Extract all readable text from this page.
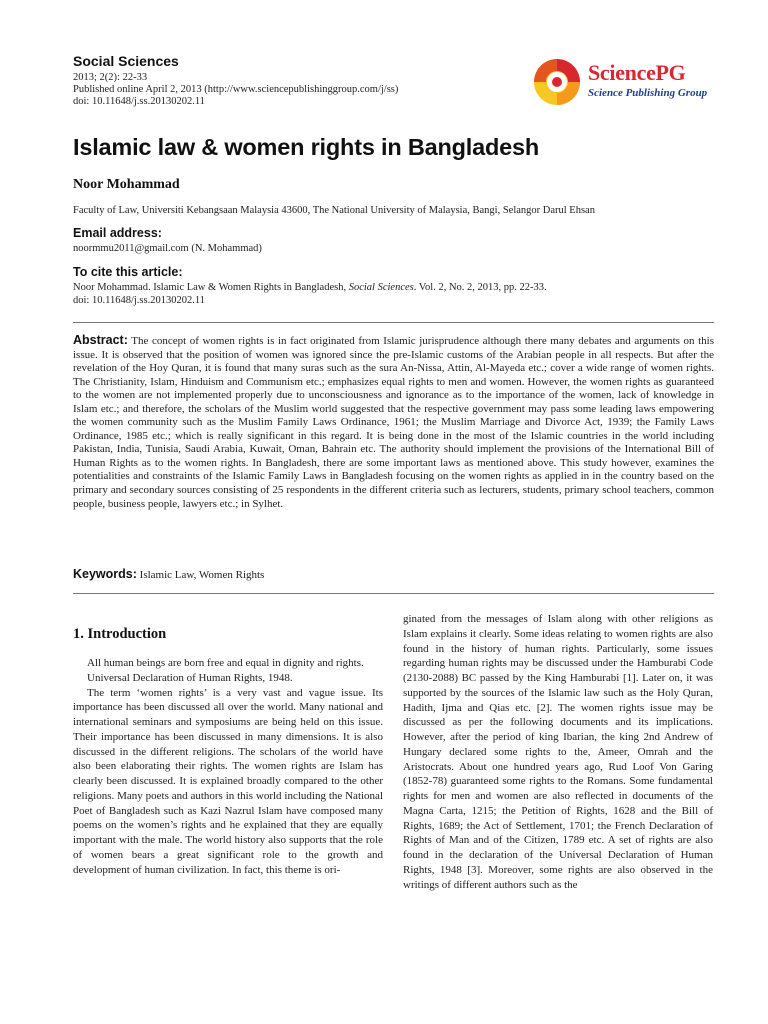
Social Sciences
2013; 2(2): 22-33
Published online April 2, 2013 (http://www.sciencepublishinggroup.com/j/ss)
doi: 10.11648/j.ss.20130202.11
SciencePG
Science Publishing Group
Islamic law & women rights in Bangladesh
Noor Mohammad
Faculty of Law, Universiti Kebangsaan Malaysia 43600, The National University of Malaysia, Bangi, Selangor Darul Ehsan
Email address:
noormmu2011@gmail.com (N. Mohammad)
To cite this article:
Noor Mohammad. Islamic Law & Women Rights in Bangladesh, Social Sciences. Vol. 2, No. 2, 2013, pp. 22-33.
doi: 10.11648/j.ss.20130202.11
Abstract: The concept of women rights is in fact originated from Islamic jurisprudence although there many debates and arguments on this issue. It is observed that the position of women was ignored since the pre-Islamic customs of the Arabian people in all respects. But after the revelation of the Hoy Quran, it is found that many suras such as the sura An-Nissa, Attin, Al-Mayeda etc.; cover a wide range of women rights. The Christianity, Islam, Hinduism and Communism etc.; emphasizes equal rights to men and women. However, the women rights as guaranteed to the women are not implemented properly due to unconsciousness and ignorance as to the importance of the women, lack of knowledge in Islam etc.; and therefore, the scholars of the Muslim world suggested that the respective government may pass some leading laws empowering the women community such as the Muslim Family Laws Ordinance, 1961; the Muslim Marriage and Divorce Act, 1939; the Family Laws Ordinance, 1985 etc.; which is really significant in this regard. It is being done in the most of the Islamic countries in the world including Pakistan, India, Tunisia, Saudi Arabia, Kuwait, Oman, Bahrain etc. The authority should implement the provisions of the International Bill of Human Rights as to the women rights. In Bangladesh, there are some important laws as mentioned above. This study however, examines the potentialities and constraints of the Islamic Family Laws in Bangladesh focusing on the women rights as applied in in the country based on the primary and secondary sources consisting of 25 respondents in the different criteria such as lecturers, students, primary school teachers, common people, business people, lawyers etc.; in Sylhet.
Keywords: Islamic Law, Women Rights
1. Introduction

All human beings are born free and equal in dignity and rights.

Universal Declaration of Human Rights, 1948.

The term ‘women rights’ is a very vast and vague issue. Its importance has been discussed all over the world. Many national and international seminars and symposiums are being held on this issue. Their importance has been discussed in many dimensions. It is also discussed in the different religions. The scholars of the world have also been elaborating their rights. The women rights are Islam has clearly been discussed. It is explained broadly compared to the other religions. Many poets and authors in this world including the National Poet of Bangladesh such as Kazi Nazrul Islam have composed many poems on the women’s rights and he explained that they are equally important with the male. The world history also supports that the role of women bears a great significant role to the growth and development of human civilization. In fact, this theme is ori-

ginated from the messages of Islam along with other religions as Islam explains it clearly. Some ideas relating to women rights are also found in the history of human rights. Particularly, some issues regarding human rights may be discussed under the Hamburabi Code (2130-2088) BC passed by the King Hamburabi [1]. Later on, it was supported by the sources of the Islamic law such as the Holy Quran, Hadith, Ijma and Qias etc. [2]. The women rights issue may be discussed as per the following documents and its implications. However, after the period of king Ibarian, the king 2nd Andrew of Hungary declared some rights to the, Ameer, Omrah and the Aristocrats. About one hundred years ago, Rud Loof Von Garing (1852-78) guaranteed some rights to the Romans. Some fundamental rights for men and women are also reflected in documents of the Magna Carta, 1215; the Petition of Rights, 1628 and the Bill of Rights, 1689; the Act of Settlement, 1701; the French Declaration of Rights of Man and of the Citizen, 1789 etc. A set of rights are also found in the declaration of the Universal Declaration of Human Rights, 1948 [3]. Moreover, some rights are also observed in the writings of different authors such as the
